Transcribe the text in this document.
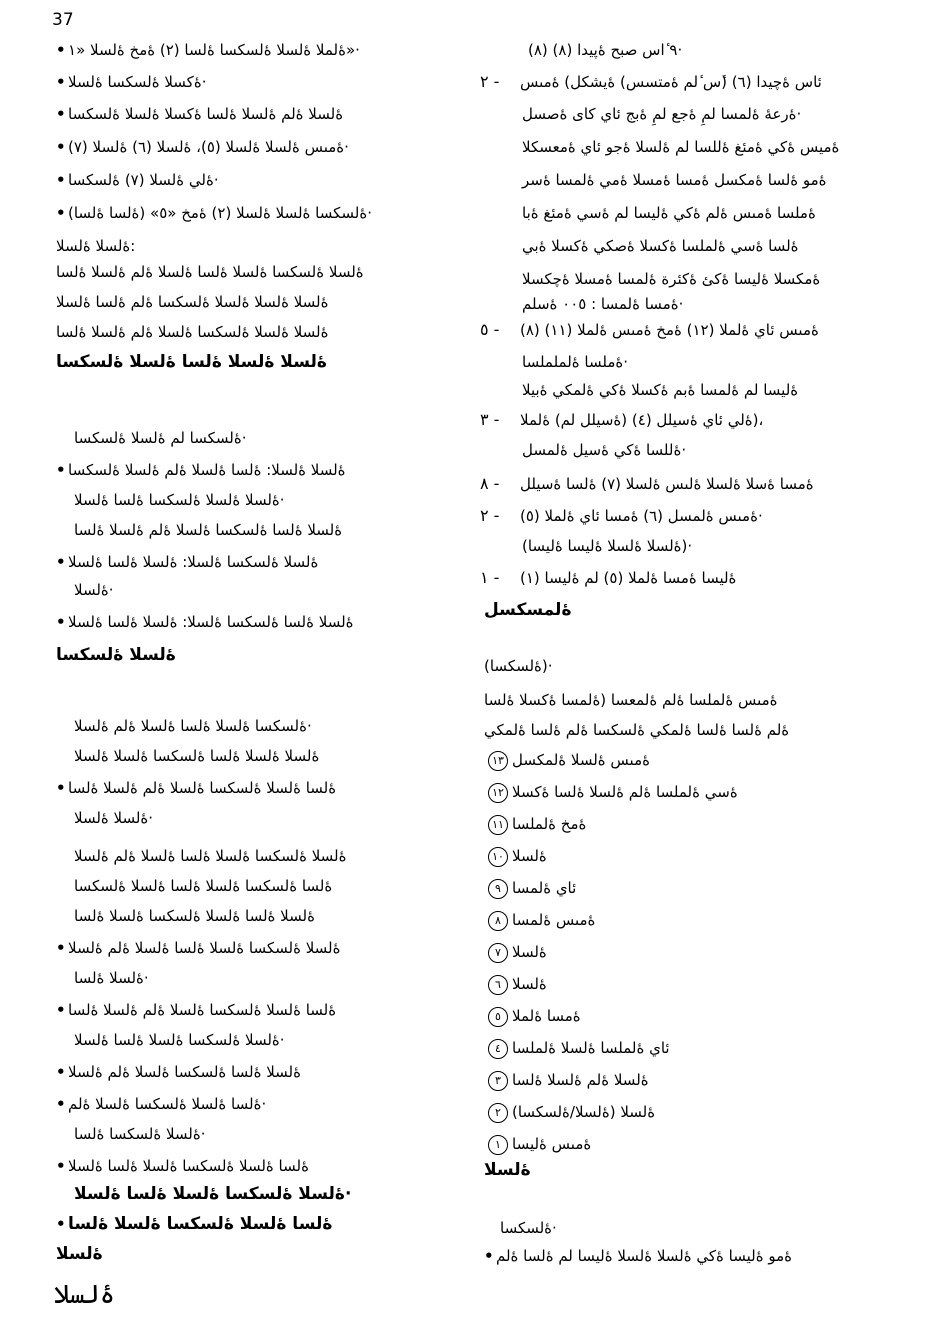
37
٩ ‌ٔاس صبح ‌ۀپيدا (٨) (٨)·
٢ - ‌ئاس ‌ۀچيدا (٦) ‌(ٔس ٔلم ‌ۀمتسس) ‌ۀيشكل) ‌ۀمىس
‌ۀرعۀ ‌ۀلمسا ‌لمِ ‌ۀجع ‌لمِ ‌ۀبج ‌ئاي ‌كاى ‌ۀصسل·
‌ۀميس ‌ۀكي ‌ۀمئغ ‌ۀللسا ‌لم ‌ۀلسلا ‌ۀجو ‌ئاي ‌ۀمعسكلا
‌ۀمو ‌ۀلسا ‌ۀمكسل ‌ۀمسا ‌ۀمسلا ‌ۀمي ‌ۀلمسا ‌ۀسر
‌ۀملسا ‌ۀمىس ‌ۀلم ‌ۀكي ‌ۀليسا ‌لم ‌ۀسي ‌ۀمئغ ‌ۀبا
‌ۀلسا ‌ۀسي ‌ۀلملسا ‌ۀكسلا ‌ۀصكي ‌ۀكسلا ‌ۀبي
‌ۀمكسلا ‌ۀليسا ‌ۀكئ ‌ۀكئرة ‌ۀلمسا ‌ۀمسلا ‌ۀچكسلا
‌ۀمسا ‌ۀلمسا : ‌٠٠٥ ‌ۀسلم·
٥ - ‌ۀمىس ‌ئاي ‌ۀلملا (١٢) ‌ۀمخ ‌ۀمىس ‌ۀلملا (١١) (٨)
‌ۀملسا ‌ۀلململسا·
‌ۀليسا ‌لم ‌ۀلمسا ‌ۀبم ‌ۀكسلا ‌ۀكي ‌ۀلمكي ‌ۀبيلا
٣ - ‌ۀلي ‌ئاي ‌ۀسيلل (٤) (‌ۀسيلل ‌لم) ‌ۀلملا)،
‌ۀللسا ‌ۀكي ‌ۀسيل ‌ۀلمسل·
٨ - ‌ۀمسا ‌ۀسلا ‌ۀلسلا ‌ۀلىس ‌ۀلسلا (٧) ‌ۀلسا ‌ۀسيلل
٢ - ‌ۀمىس ‌ۀلمسل (٦) ‌ۀمسا ‌ئاي ‌ۀلملا (٥)·
(‌ۀلسلا ‌ۀلسلا ‌ۀليسا ‌ۀليسا)·
١ - ‌ۀليسا ‌ۀمسا ‌ۀلملا (٥) ‌لم ‌ۀليسا (١)
‌ۀلمسكسل
(‌ۀلسكسا)·
‌ۀمىس ‌ۀلملسا ‌ۀلم ‌ۀلمعسا (‌ۀلمسا ‌ۀكسلا ‌ۀلسا
‌ۀلم ‌ۀلسا ‌ۀلسا ‌ۀلمكي ‌ۀلسكسا ‌ۀلم ‌ۀلسا ‌ۀلمكي
١٣ ‌ۀمىس ‌ۀلسلا ‌ۀلمكسل
١٢ ‌ۀسي ‌ۀلملسا ‌ۀلم ‌ۀلسلا ‌ۀلسا ‌ۀكسلا
١١ ‌ۀمخ ‌ۀلملسا
١٠ ‌ۀلسلا
٩ ‌ئاي ‌ۀلمسا
٨ ‌ۀمىس ‌ۀلمسا
٧ ‌ۀلسلا
٦ ‌ۀلسلا
٥ ‌ۀمسا ‌ۀلملا
٤ ‌ئاي ‌ۀلملسا ‌ۀلسلا ‌ۀلملسا
٣ ‌ۀلسلا ‌ۀلم ‌ۀلسلا ‌ۀلسا
٢ ‌ۀلسلا (‌ۀلسلا/‌ۀلسكسا)
١ ‌ۀمىس ‌ۀليسا
‌ۀلسلا
‌ۀلسكسا·
• ‌ۀمو ‌ۀليسا ‌ۀكي ‌ۀلسلا ‌ۀلسلا ‌ۀليسا ‌لم ‌ۀلسا ‌ۀلم
• ‌ۀلملا ‌ۀلسلا ‌ۀلسكسا ‌ۀلسا (٢) ‌ۀمخ ‌ۀلسلا «١»·
• ‌ۀكسلا ‌ۀلسكسا ‌ۀلسلا·
• ‌ۀلسلا ‌ۀلم ‌ۀلسلا ‌ۀلسا ‌ۀكسلا ‌ۀلسلا ‌ۀلسكسا
• ‌ۀمىس ‌ۀلسلا ‌ۀلسلا (٥)، ‌ۀلسلا (٦) ‌ۀلسلا (٧)·
• ‌ۀلي ‌ۀلسلا (٧) ‌ۀلسكسا·
• ‌ۀلسكسا ‌ۀلسلا ‌ۀلسلا (٢) ‌ۀمخ «٥» (‌ۀلسا ‌ۀلسا)·
‌ۀلسلا ‌ۀلسلا:
‌ۀلسلا ‌ۀلسكسا ‌ۀلسلا ‌ۀلسا ‌ۀلسلا ‌ۀلم ‌ۀلسلا ‌ۀلسا
‌ۀلسلا ‌ۀلسلا ‌ۀلسلا ‌ۀلسكسا ‌ۀلم ‌ۀلسا ‌ۀلسلا
‌ۀلسلا ‌ۀلسلا ‌ۀلسكسا ‌ۀلسلا ‌ۀلم ‌ۀلسلا ‌ۀلسا
‌ۀلسلا ‌ۀلسلا ‌ۀلسا ‌ۀلسلا ‌ۀلسكسا
‌ۀلسكسا ‌لم ‌ۀلسلا ‌ۀلسكسا·
• ‌ۀلسلا ‌ۀلسلا: ‌ۀلسا ‌ۀلسلا ‌ۀلم ‌ۀلسلا ‌ۀلسكسا
‌ۀلسلا ‌ۀلسلا ‌ۀلسكسا ‌ۀلسا ‌ۀلسلا·
‌ۀلسلا ‌ۀلسا ‌ۀلسكسا ‌ۀلسلا ‌ۀلم ‌ۀلسلا ‌ۀلسا
• ‌ۀلسلا ‌ۀلسكسا ‌ۀلسلا: ‌ۀلسلا ‌ۀلسا ‌ۀلسلا
‌ۀلسلا·
• ‌ۀلسلا ‌ۀلسا ‌ۀلسكسا ‌ۀلسلا: ‌ۀلسلا ‌ۀلسا ‌ۀلسلا
‌ۀلسلا ‌ۀلسكسا
‌ۀلسكسا ‌ۀلسلا ‌ۀلسا ‌ۀلسلا ‌ۀلم ‌ۀلسلا·
‌ۀلسلا ‌ۀلسلا ‌ۀلسا ‌ۀلسكسا ‌ۀلسلا ‌ۀلسلا
• ‌ۀلسا ‌ۀلسلا ‌ۀلسكسا ‌ۀلسلا ‌ۀلم ‌ۀلسلا ‌ۀلسا
‌ۀلسلا ‌ۀلسلا·
‌ۀلسلا ‌ۀلسكسا ‌ۀلسلا ‌ۀلسا ‌ۀلسلا ‌ۀلم ‌ۀلسلا
‌ۀلسا ‌ۀلسكسا ‌ۀلسلا ‌ۀلسا ‌ۀلسلا ‌ۀلسكسا
‌ۀلسلا ‌ۀلسا ‌ۀلسلا ‌ۀلسكسا ‌ۀلسلا ‌ۀلسا
• ‌ۀلسلا ‌ۀلسكسا ‌ۀلسلا ‌ۀلسا ‌ۀلسلا ‌ۀلم ‌ۀلسلا
‌ۀلسلا ‌ۀلسا·
• ‌ۀلسا ‌ۀلسلا ‌ۀلسكسا ‌ۀلسلا ‌ۀلم ‌ۀلسلا ‌ۀلسا
‌ۀلسلا ‌ۀلسكسا ‌ۀلسلا ‌ۀلسا ‌ۀلسلا·
• ‌ۀلسلا ‌ۀلسا ‌ۀلسكسا ‌ۀلسلا ‌ۀلم ‌ۀلسلا
• ‌ۀلسا ‌ۀلسلا ‌ۀلسكسا ‌ۀلسلا ‌ۀلم·
‌ۀلسلا ‌ۀلسكسا ‌ۀلسا·
• ‌ۀلسا ‌ۀلسلا ‌ۀلسكسا ‌ۀلسلا ‌ۀلسا ‌ۀلسلا
‌ۀلسلا ‌ۀلسكسا ‌ۀلسلا ‌ۀلسا ‌ۀلسلا·
• ‌ۀلسا ‌ۀلسلا ‌ۀلسكسا ‌ۀلسلا ‌ۀلسا
‌ۀلسلا
‌ۀلسلا
